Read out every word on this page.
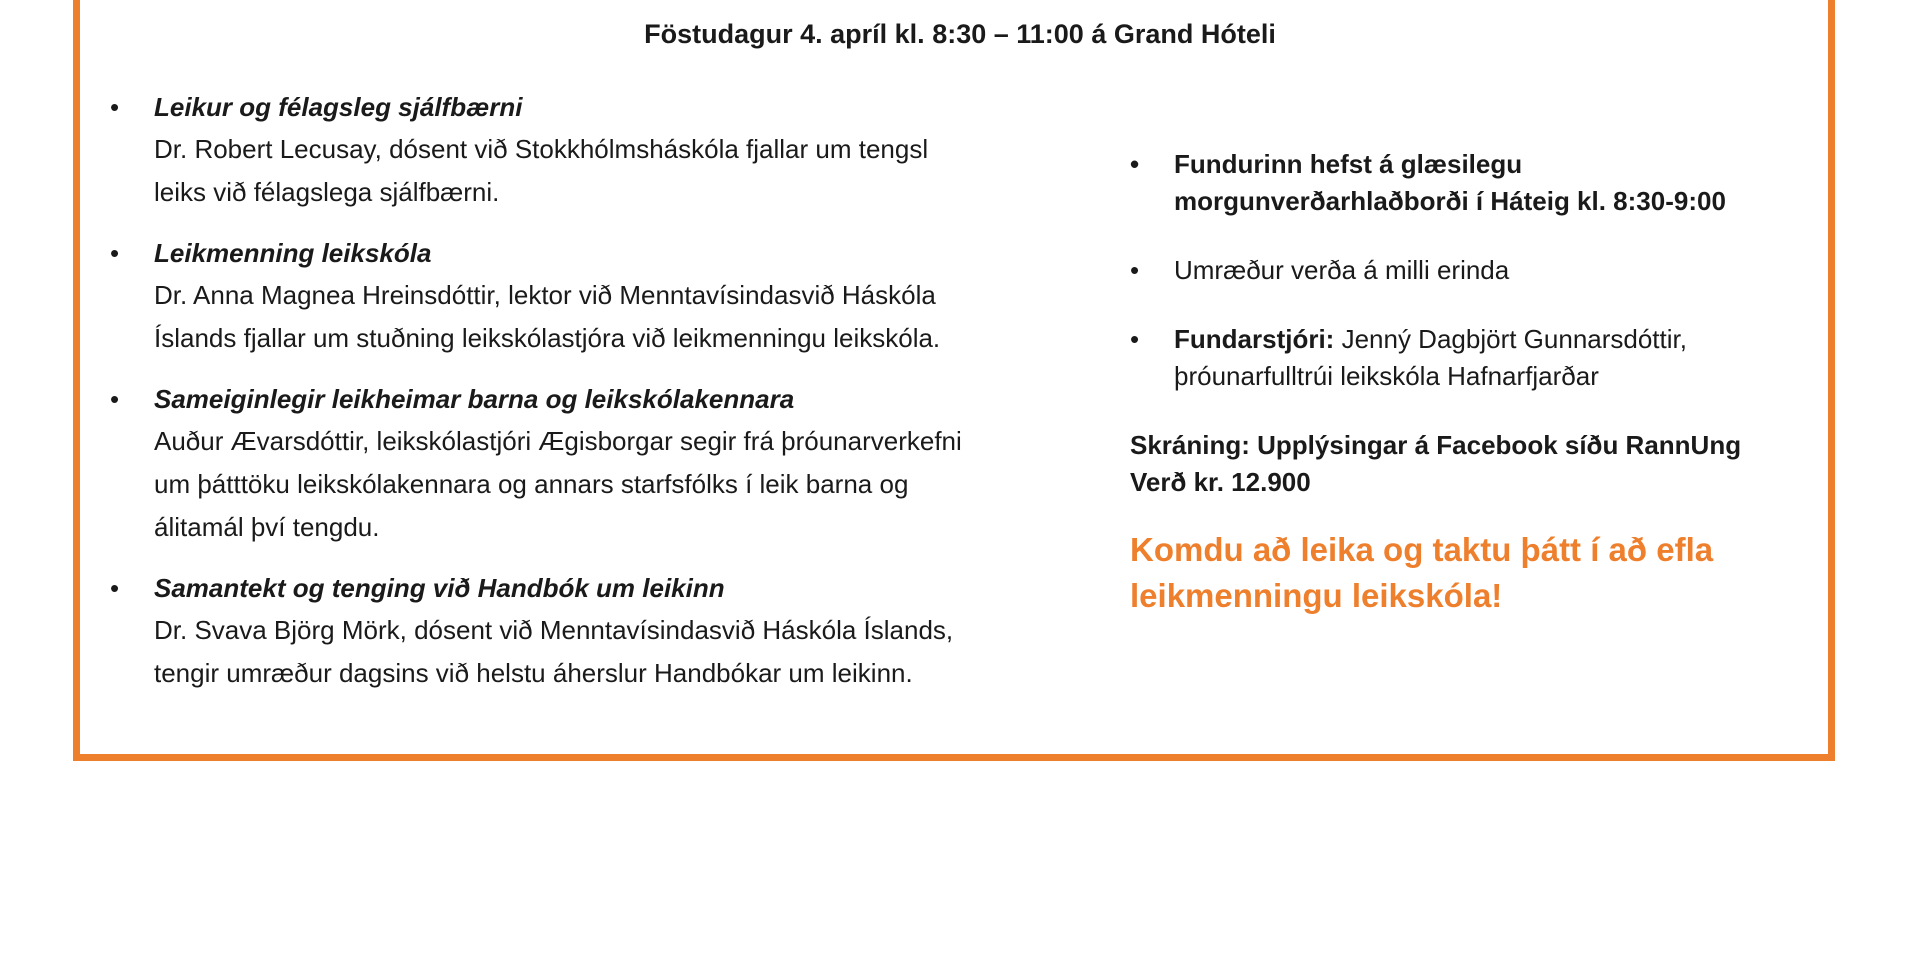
Föstudagur 4. apríl kl. 8:30 – 11:00 á Grand Hóteli
• Leikur og félagsleg sjálfbærni
Dr. Robert Lecusay, dósent við Stokkhólmsháskóla fjallar um tengsl
leiks við félagslega sjálfbærni.
• Leikmenning leikskóla
Dr. Anna Magnea Hreinsdóttir, lektor við Menntavísindasvið Háskóla
Íslands fjallar um stuðning leikskólastjóra við leikmenningu leikskóla.
• Sameiginlegir leikheimar barna og leikskólakennara
Auður Ævarsdóttir, leikskólastjóri Ægisborgar segir frá þróunarverkefni
um þátttöku leikskólakennara og annars starfsfólks í leik barna og
álitamál því tengdu.
• Samantekt og tenging við Handbók um leikinn
Dr. Svava Björg Mörk, dósent við Menntavísindasvið Háskóla Íslands,
tengir umræður dagsins við helstu áherslur Handbókar um leikinn.
• Fundurinn hefst á glæsilegu
morgunverðarhlaðborði í Háteig kl. 8:30-9:00
• Umræður verða á milli erinda
• Fundarstjóri: Jenný Dagbjört Gunnarsdóttir,
þróunarfulltrúi leikskóla Hafnarfjarðar
Skráning: Upplýsingar á Facebook síðu RannUng
Verð kr. 12.900
Komdu að leika og taktu þátt í að efla
leikmenningu leikskóla!
